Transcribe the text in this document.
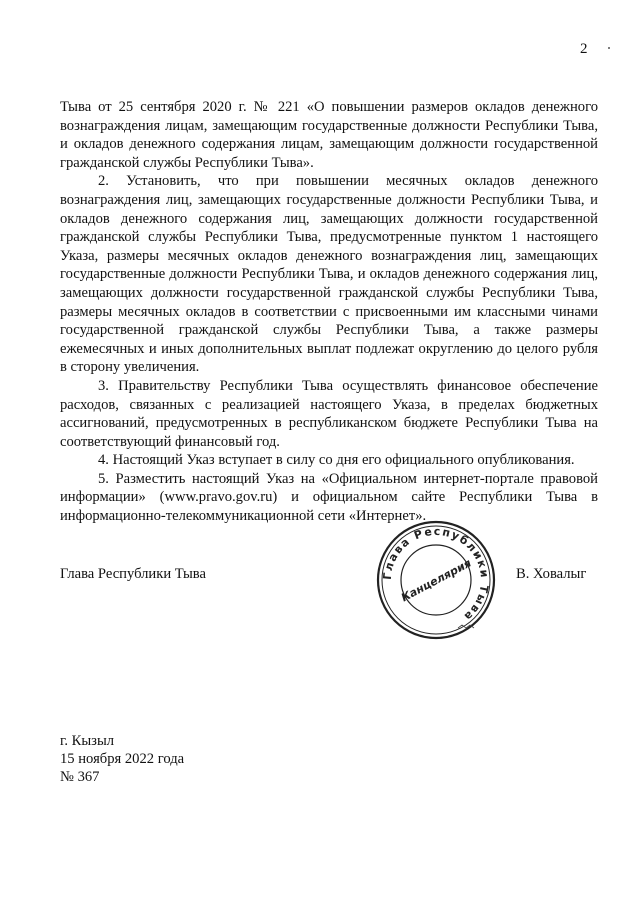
2

Тыва от 25 сентября 2020 г. № 221 «О повышении размеров окладов денежного вознаграждения лицам, замещающим государственные должности Республики Тыва, и окладов денежного содержания лицам, замещающим должности государственной гражданской службы Республики Тыва».

2. Установить, что при повышении месячных окладов денежного вознаграждения лиц, замещающих государственные должности Республики Тыва, и окладов денежного содержания лиц, замещающих должности государственной гражданской службы Республики Тыва, предусмотренные пунктом 1 настоящего Указа, размеры месячных окладов денежного вознаграждения лиц, замещающих государственные должности Республики Тыва, и окладов денежного содержания лиц, замещающих должности государственной гражданской службы Республики Тыва, размеры месячных окладов в соответствии с присвоенными им классными чинами государственной гражданской службы Республики Тыва, а также размеры ежемесячных и иных дополнительных выплат подлежат округлению до целого рубля в сторону увеличения.

3. Правительству Республики Тыва осуществлять финансовое обеспечение расходов, связанных с реализацией настоящего Указа, в пределах бюджетных ассигнований, предусмотренных в республиканском бюджете Республики Тыва на соответствующий финансовый год.

4. Настоящий Указ вступает в силу со дня его официального опубликования.

5. Разместить настоящий Указ на «Официальном интернет-портале правовой информации» (www.pravo.gov.ru) и официальном сайте Республики Тыва в информационно-телекоммуникационной сети «Интернет».

Глава Республики Тыва	Глава Республики Тыва
Канцелярия	В. Ховалыг
г. Кызыл
15 ноября 2022 года
№ 367
